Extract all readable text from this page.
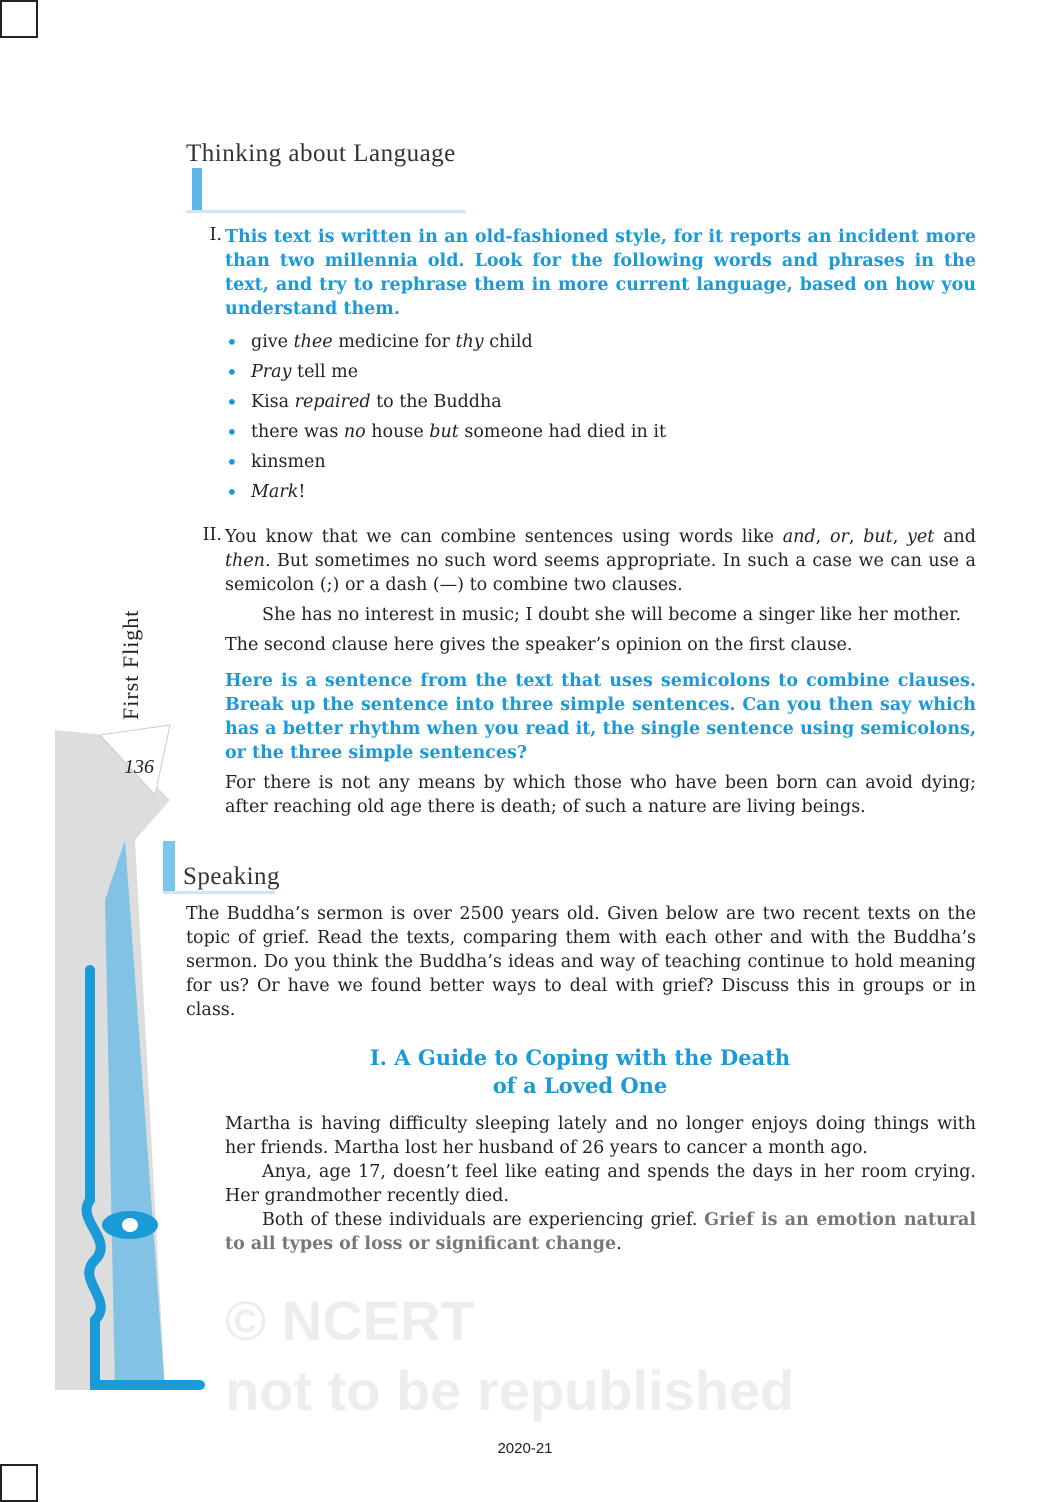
First Flight
136
Thinking about Language
I. This text is written in an old-fashioned style, for it reports an incident more than two millennia old. Look for the following words and phrases in the text, and try to rephrase them in more current language, based on how you understand them.

• give thee medicine for thy child
• Pray tell me
• Kisa repaired to the Buddha
• there was no house but someone had died in it
• kinsmen
• Mark!
II. You know that we can combine sentences using words like and, or, but, yet and then. But sometimes no such word seems appropriate. In such a case we can use a semicolon (;) or a dash (—) to combine two clauses.

She has no interest in music; I doubt she will become a singer like her mother.

The second clause here gives the speaker’s opinion on the first clause.

Here is a sentence from the text that uses semicolons to combine clauses. Break up the sentence into three simple sentences. Can you then say which has a better rhythm when you read it, the single sentence using semicolons, or the three simple sentences?

For there is not any means by which those who have been born can avoid dying; after reaching old age there is death; of such a nature are living beings.

Speaking

The Buddha’s sermon is over 2500 years old. Given below are two recent texts on the topic of grief. Read the texts, comparing them with each other and with the Buddha’s sermon. Do you think the Buddha’s ideas and way of teaching continue to hold meaning for us? Or have we found better ways to deal with grief? Discuss this in groups or in class.

I. A Guide to Coping with the Death
of a Loved One

Martha is having difficulty sleeping lately and no longer enjoys doing things with her friends. Martha lost her husband of 26 years to cancer a month ago.

Anya, age 17, doesn’t feel like eating and spends the days in her room crying. Her grandmother recently died.

Both of these individuals are experiencing grief. Grief is an emotion natural to all types of loss or significant change.

© NCERT
not to be republished
2020-21
